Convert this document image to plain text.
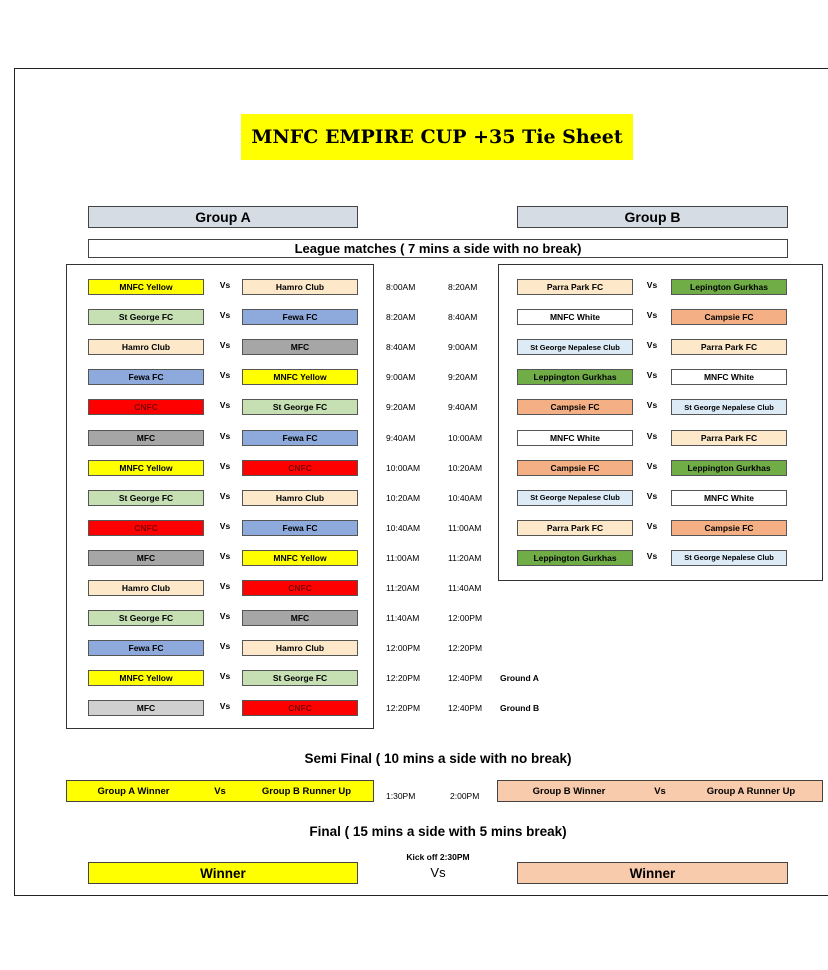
MNFC EMPIRE CUP +35 Tie Sheet
Group A	Group B
League matches ( 7 mins a side with no break)
Semi Final ( 10 mins a side with no break)
Group A Winner	Vs	Group B Runner Up	1:30PM	2:00PM	Group B Winner	Vs	Group A Runner Up
Final ( 15 mins a side with 5 mins break)
Kick off 2:30PM
Winner	Vs	Winner
MNFC Yellow	Vs	Hamro Club	8:00AM	8:20AM
St George FC	Vs	Fewa FC	8:20AM	8:40AM
Hamro Club	Vs	MFC	8:40AM	9:00AM
Fewa FC	Vs	MNFC Yellow	9:00AM	9:20AM
CNFC	Vs	St George FC	9:20AM	9:40AM
MFC	Vs	Fewa FC	9:40AM	10:00AM
MNFC Yellow	Vs	CNFC	10:00AM	10:20AM
St George FC	Vs	Hamro Club	10:20AM	10:40AM
CNFC	Vs	Fewa FC	10:40AM	11:00AM
MFC	Vs	MNFC Yellow	11:00AM	11:20AM
Hamro Club	Vs	CNFC	11:20AM	11:40AM
St George FC	Vs	MFC	11:40AM	12:00PM
Fewa FC	Vs	Hamro Club	12:00PM	12:20PM
MNFC Yellow	Vs	St George FC	12:20PM	12:40PM Ground A
MFC	Vs	CNFC	12:20PM	12:40PM Ground B
Parra Park FC	Vs	Lepington Gurkhas
MNFC White	Vs	Campsie FC
St George Nepalese Club	Vs	Parra Park FC
Leppington Gurkhas	Vs	MNFC White
Campsie FC	Vs	St George Nepalese Club
MNFC White	Vs	Parra Park FC
Campsie FC	Vs	Leppington Gurkhas
St George Nepalese Club	Vs	MNFC White
Parra Park FC	Vs	Campsie FC
Leppington Gurkhas	Vs	St George Nepalese Club
